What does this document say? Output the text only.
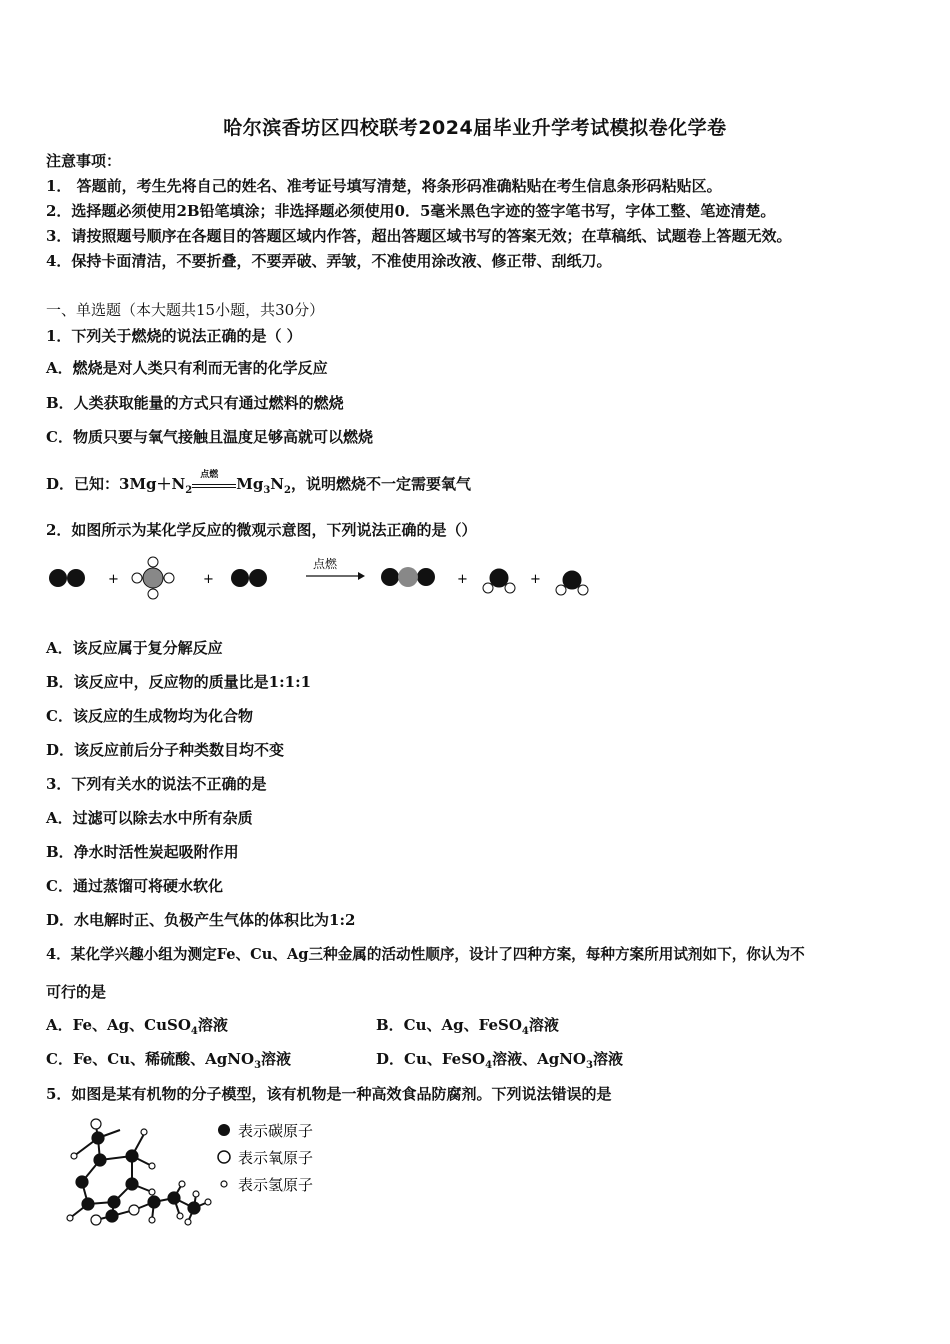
哈尔滨香坊区四校联考2024届毕业升学考试模拟卷化学卷
注意事项：
1． 答题前，考生先将自己的姓名、准考证号填写清楚，将条形码准确粘贴在考生信息条形码粘贴区。
2．选择题必须使用2B铅笔填涂；非选择题必须使用0．5毫米黑色字迹的签字笔书写，字体工整、笔迹清楚。
3．请按照题号顺序在各题目的答题区域内作答，超出答题区域书写的答案无效；在草稿纸、试题卷上答题无效。
4．保持卡面清洁，不要折叠，不要弄破、弄皱，不准使用涂改液、修正带、刮纸刀。
一、单选题（本大题共15小题，共30分）
1．下列关于燃烧的说法正确的是（ ）
A．燃烧是对人类只有利而无害的化学反应
B．人类获取能量的方式只有通过燃料的燃烧
C．物质只要与氧气接触且温度足够高就可以燃烧
D．已知：$3Mg+N_2$
点燃 $Mg_3N_2$，说明燃烧不一定需要氧气
2．如图所示为某化学反应的微观示意图，下列说法正确的是（）
+	+
点燃
+	+
A．该反应属于复分解反应
B．该反应中，反应物的质量比是1:1:1
C．该反应的生成物均为化合物
D．该反应前后分子种类数目均不变
3．下列有关水的说法不正确的是
A．过滤可以除去水中所有杂质
B．净水时活性炭起吸附作用
C．通过蒸馏可将硬水软化
D．水电解时正、负极产生气体的体积比为1:2
4．某化学兴趣小组为测定Fe、Cu、Ag三种金属的活动性顺序，设计了四种方案，每种方案所用试剂如下，你认为不
可行的是
A．Fe、Ag、CuSO$_4$溶液	B．Cu、Ag、FeSO$_4$溶液
C．Fe、Cu、稀硫酸、AgNO$_3$溶液	D．Cu、FeSO$_4$溶液、AgNO$_3$溶液
5．如图是某有机物的分子模型，该有机物是一种高效食品防腐剂。下列说法错误的是
表示碳原子
表示氧原子
表示氢原子
